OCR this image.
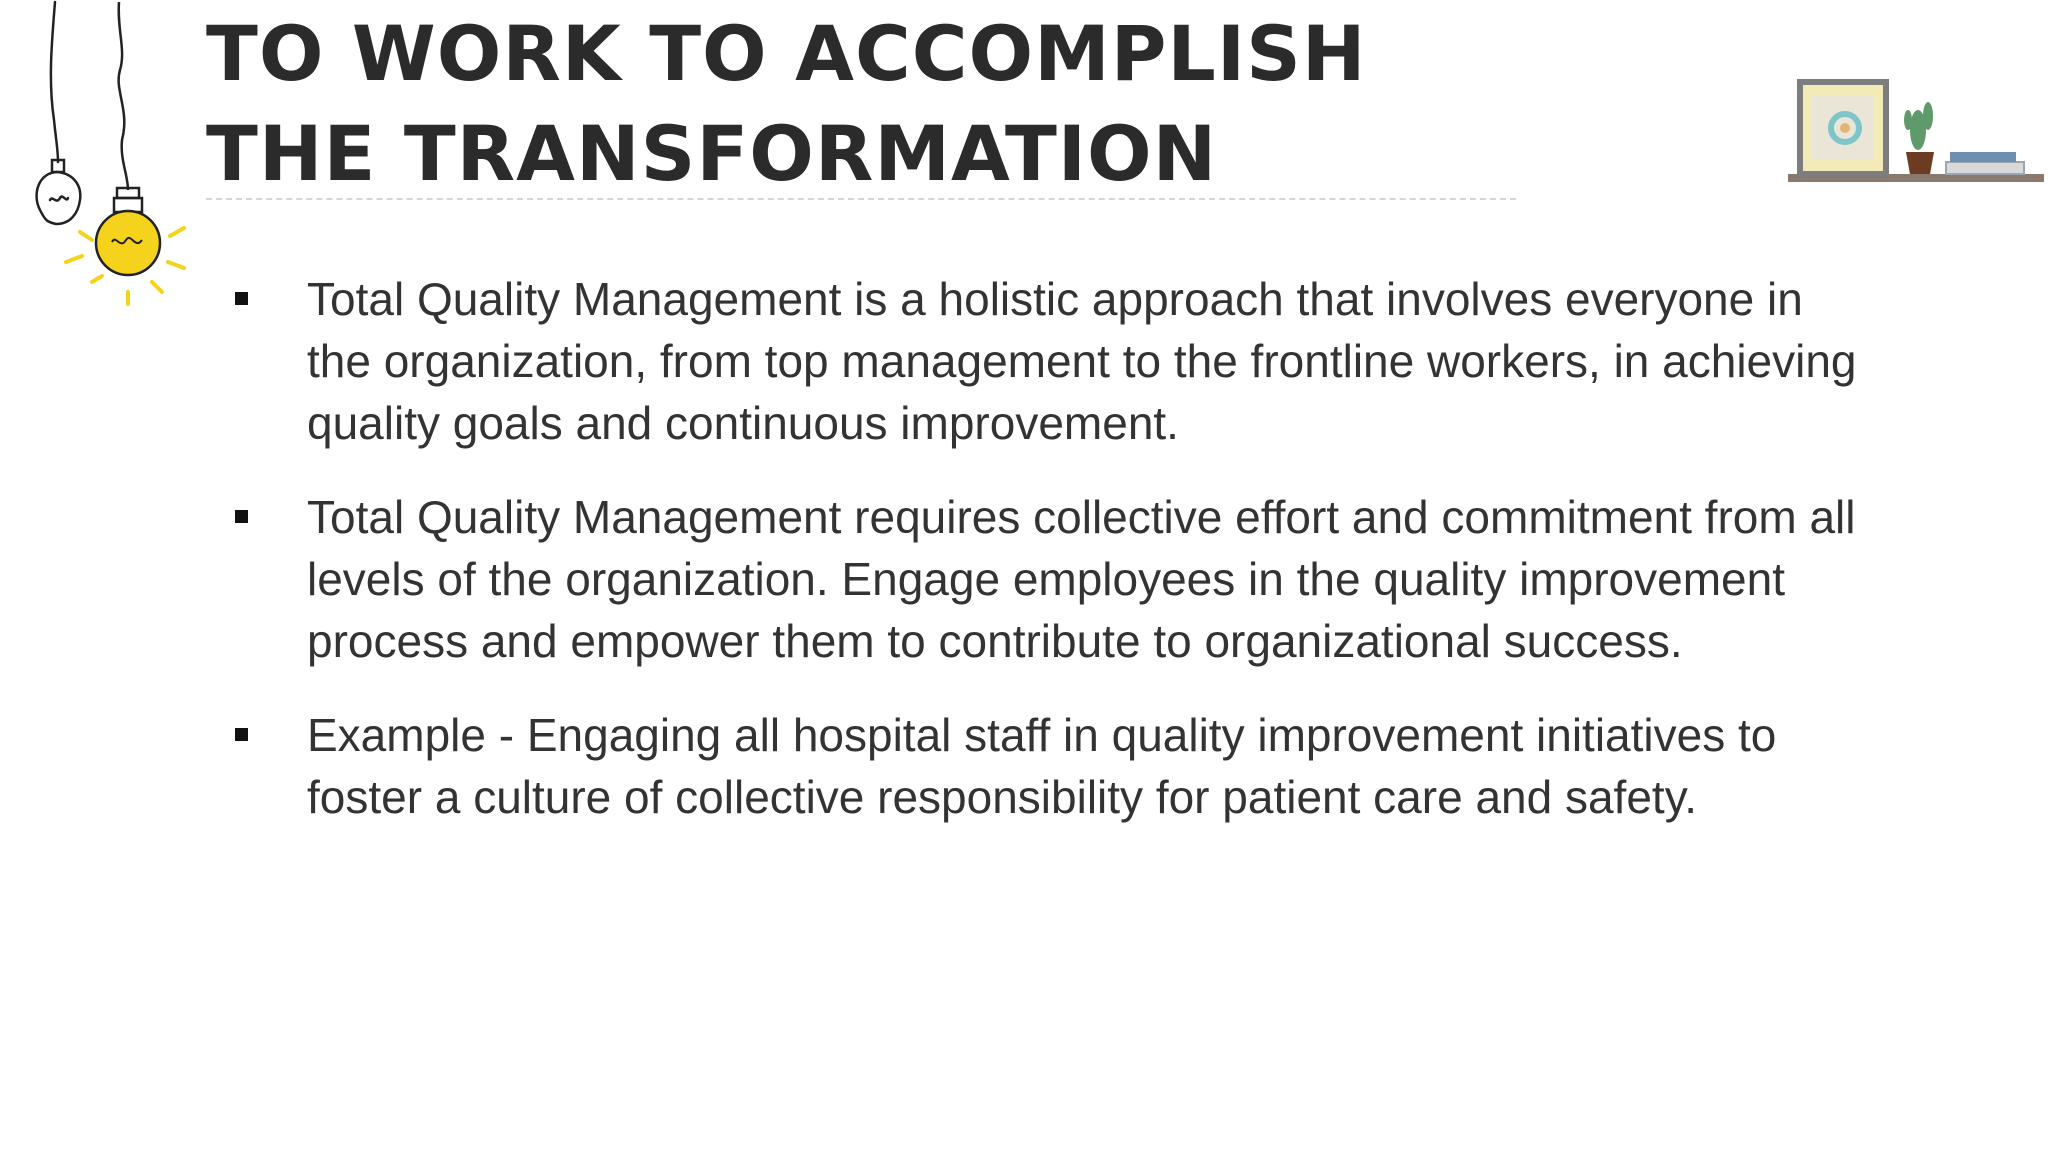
TO WORK TO ACCOMPLISH THE TRANSFORMATION
Total Quality Management is a holistic approach that involves everyone in the organization, from top management to the frontline workers, in achieving quality goals and continuous improvement.
Total Quality Management requires collective effort and commitment from all levels of the organization. Engage employees in the quality improvement process and empower them to contribute to organizational success.
Example - Engaging all hospital staff in quality improvement initiatives to foster a culture of collective responsibility for patient care and safety.
